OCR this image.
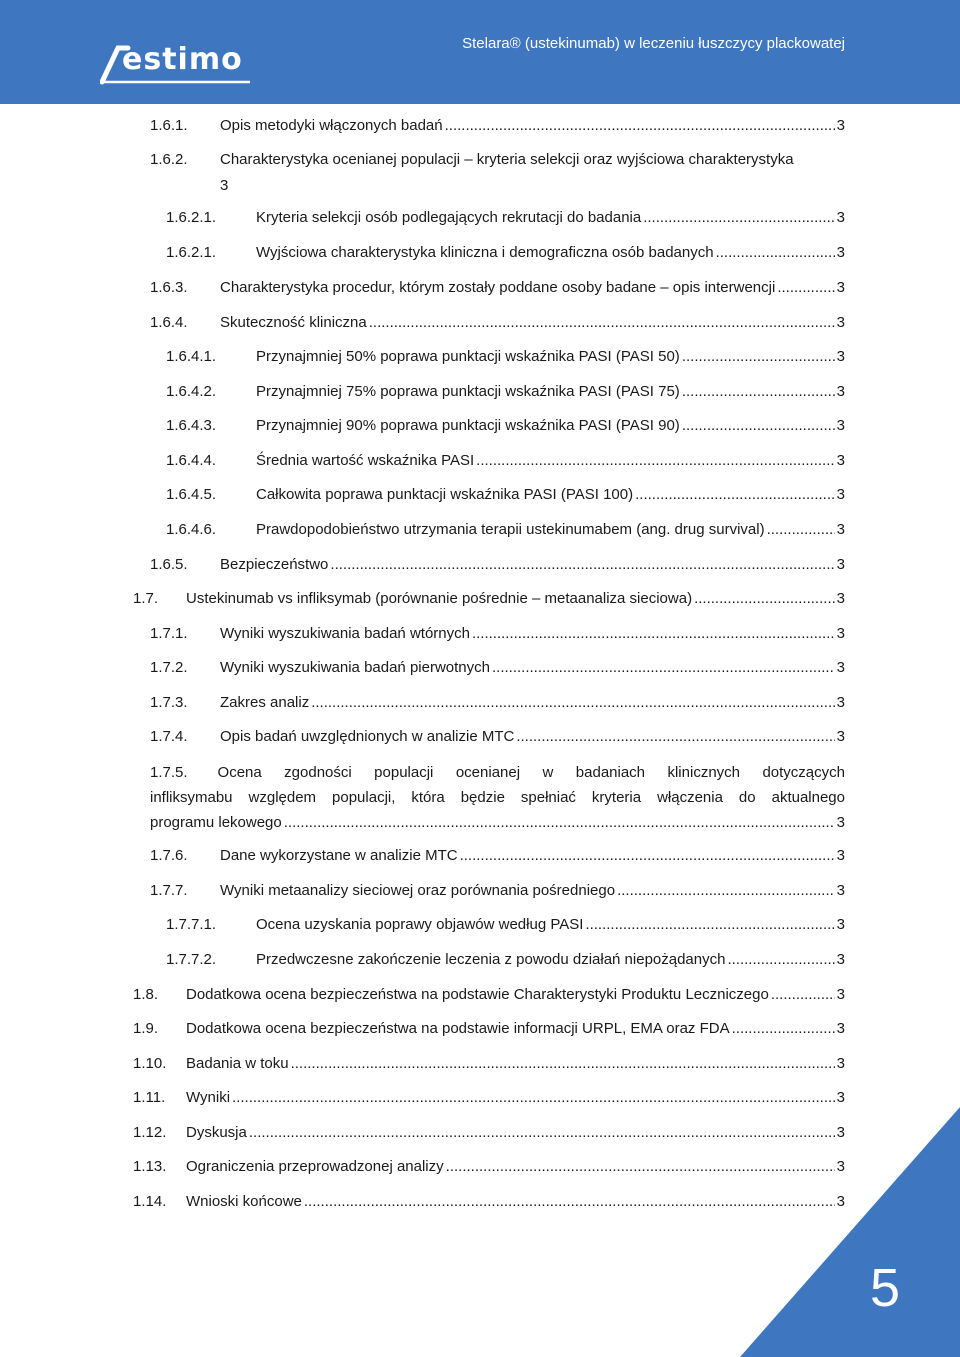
estimo	Stelara® (ustekinumab) w leczeniu łuszczycy plackowatej
1.6.1. Opis metodyki włączonych badań .....	3
1.6.2. Charakterystyka ocenianej populacji – kryteria selekcji oraz wyjściowa charakterystyka
3
1.6.2.1.	Kryteria selekcji osób podlegających rekrutacji do badania .....	3
1.6.2.1.	Wyjściowa charakterystyka kliniczna i demograficzna osób badanych .....	3
1.6.3. Charakterystyka procedur, którym zostały poddane osoby badane – opis interwencji .....	3
1.6.4. Skuteczność kliniczna .....	3
1.6.4.1.	Przynajmniej 50% poprawa punktacji wskaźnika PASI (PASI 50) .....	3
1.6.4.2.	Przynajmniej 75% poprawa punktacji wskaźnika PASI (PASI 75) .....	3
1.6.4.3.	Przynajmniej 90% poprawa punktacji wskaźnika PASI (PASI 90) .....	3
1.6.4.4.	Średnia wartość wskaźnika PASI .....	3
1.6.4.5.	Całkowita poprawa punktacji wskaźnika PASI (PASI 100) .....	3
1.6.4.6.	Prawdopodobieństwo utrzymania terapii ustekinumabem (ang. drug survival) .....	3
1.6.5. Bezpieczeństwo .....	3
1.7. Ustekinumab vs infliksymab (porównanie pośrednie – metaanaliza sieciowa) .....	3
1.7.1. Wyniki wyszukiwania badań wtórnych .....	3
1.7.2. Wyniki wyszukiwania badań pierwotnych .....	3
1.7.3. Zakres analiz .....	3
1.7.4. Opis badań uwzględnionych w analizie MTC .....	3
1.7.5. Ocena zgodności populacji ocenianej w badaniach klinicznych dotyczących
infliksymabu względem populacji, która będzie spełniać kryteria włączenia do aktualnego
programu lekowego .....	3
1.7.6. Dane wykorzystane w analizie MTC .....	3
1.7.7. Wyniki metaanalizy sieciowej oraz porównania pośredniego .....	3
1.7.7.1.	Ocena uzyskania poprawy objawów według PASI .....	3
1.7.7.2.	Przedwczesne zakończenie leczenia z powodu działań niepożądanych .....	3
1.8. Dodatkowa ocena bezpieczeństwa na podstawie Charakterystyki Produktu Leczniczego .....	3
1.9. Dodatkowa ocena bezpieczeństwa na podstawie informacji URPL, EMA oraz FDA .....	3
1.10. Badania w toku .....	3
1.11. Wyniki .....	3
1.12. Dyskusja .....	3
1.13. Ograniczenia przeprowadzonej analizy .....	3
1.14. Wnioski końcowe .....	3
5
